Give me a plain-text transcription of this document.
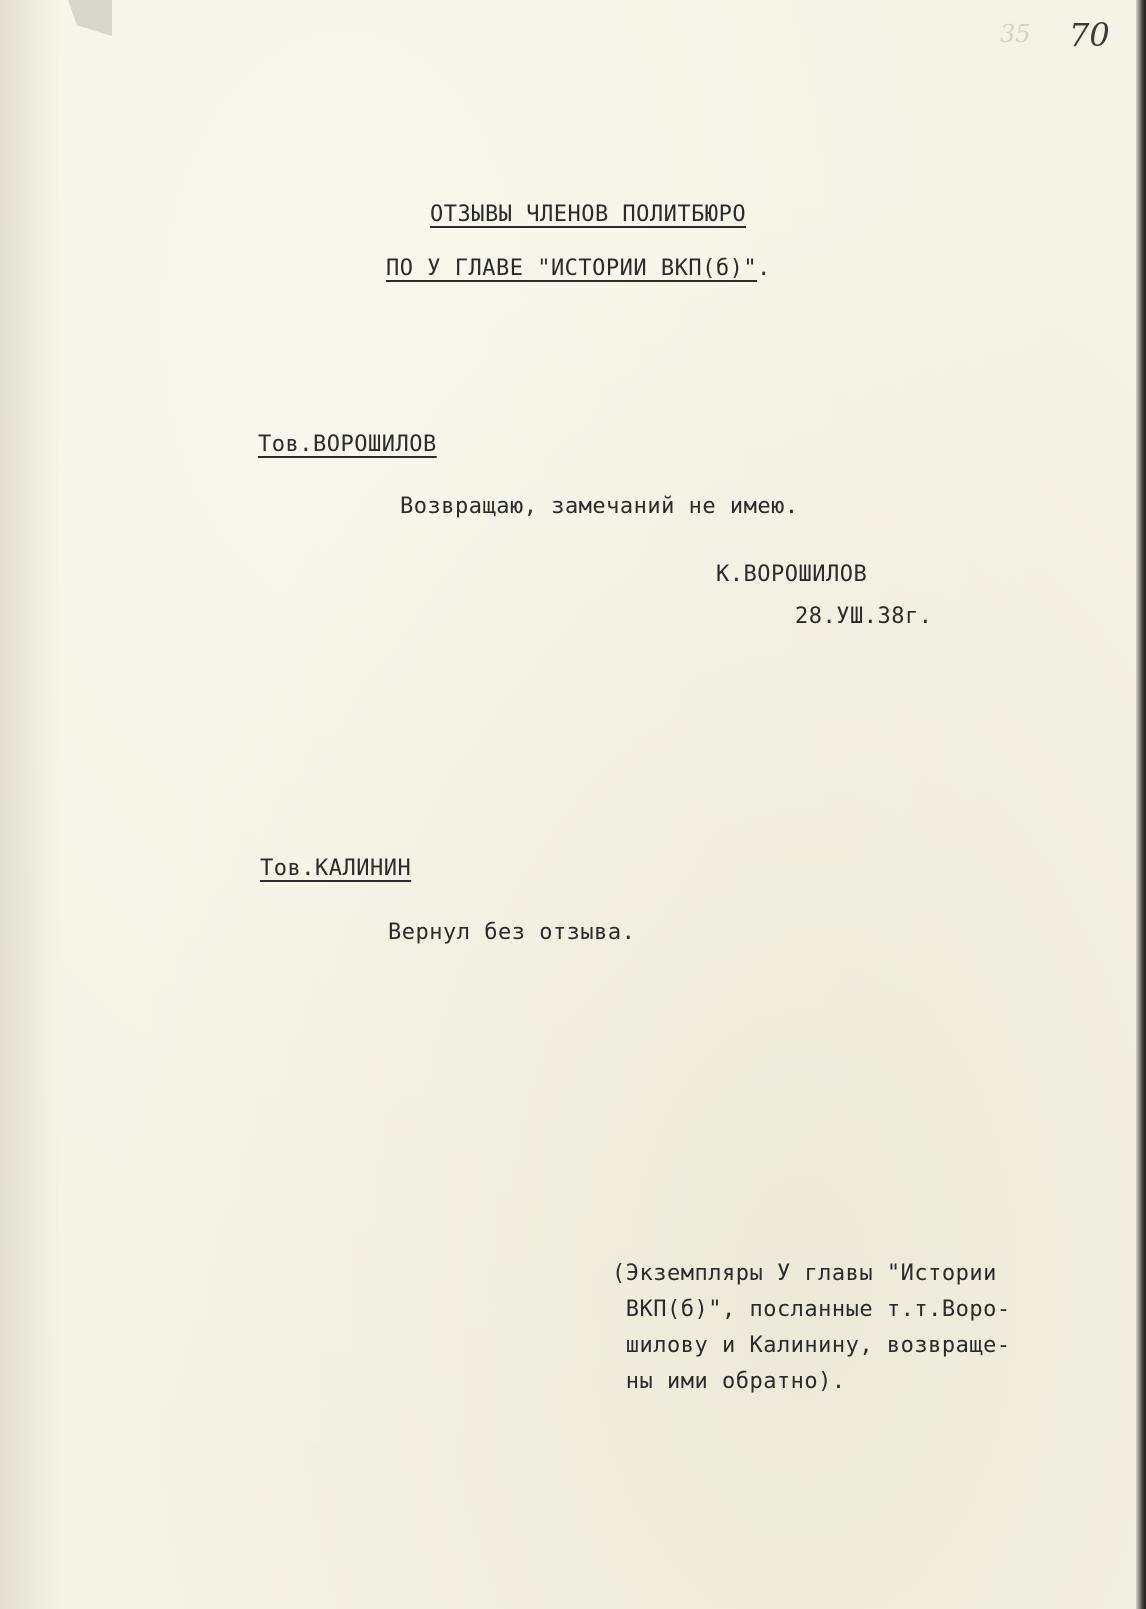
35 70
ОТЗЫВЫ ЧЛЕНОВ ПОЛИТБЮРО
ПО У ГЛАВЕ "ИСТОРИИ ВКП(б)".
Тов.ВОРОШИЛОВ
Возвращаю, замечаний не имею.
К.ВОРОШИЛОВ
28.УШ.38г.
Тов.КАЛИНИН
Вернул без отзыва.
(Экземпляры У главы "Истории
ВКП(б)", посланные т.т.Воро-
шилову и Калинину, возвраще-
ны ими обратно).
